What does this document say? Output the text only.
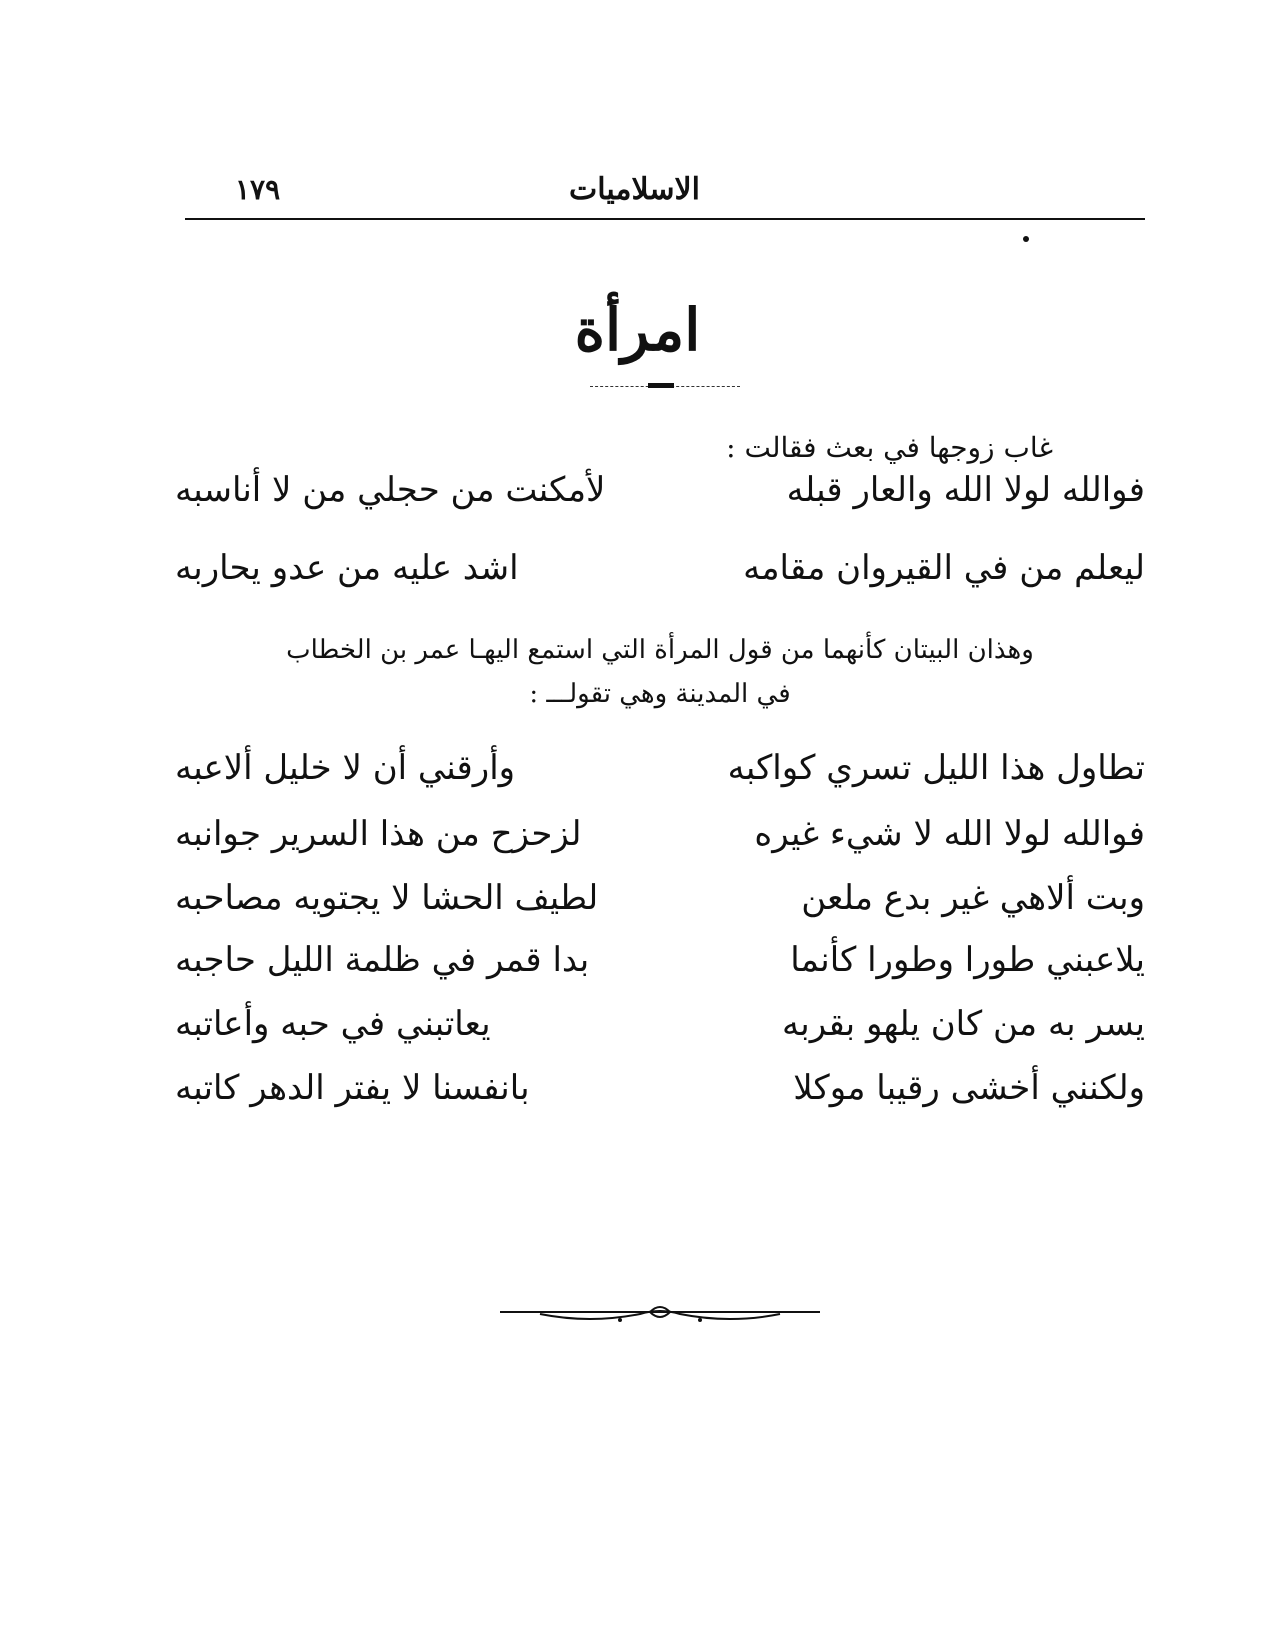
الاسلاميات
١٧٩
امرأة
غاب زوجها في بعث فقالت :
فوالله لولا الله والعار قبله
لأمكنت من حجلي من لا أناسبه
ليعلم من في القيروان مقامه
اشد عليه من عدو يحاربه
وهذان البيتان كأنهما من قول المرأة التي استمع اليهـا عمر بن الخطاب
في المدينة وهي تقولـــ :
تطاول هذا الليل تسري كواكبه
وأرقني أن لا خليل ألاعبه
فوالله لولا الله لا شيء غيره
لزحزح من هذا السرير جوانبه
وبت ألاهي غير بدع ملعن
لطيف الحشا لا يجتويه مصاحبه
يلاعبني طورا وطورا كأنما
بدا قمر في ظلمة الليل حاجبه
يسر به من كان يلهو بقربه
يعاتبني في حبه وأعاتبه
ولكنني أخشى رقيبا موكلا
بانفسنا لا يفتر الدهر كاتبه
